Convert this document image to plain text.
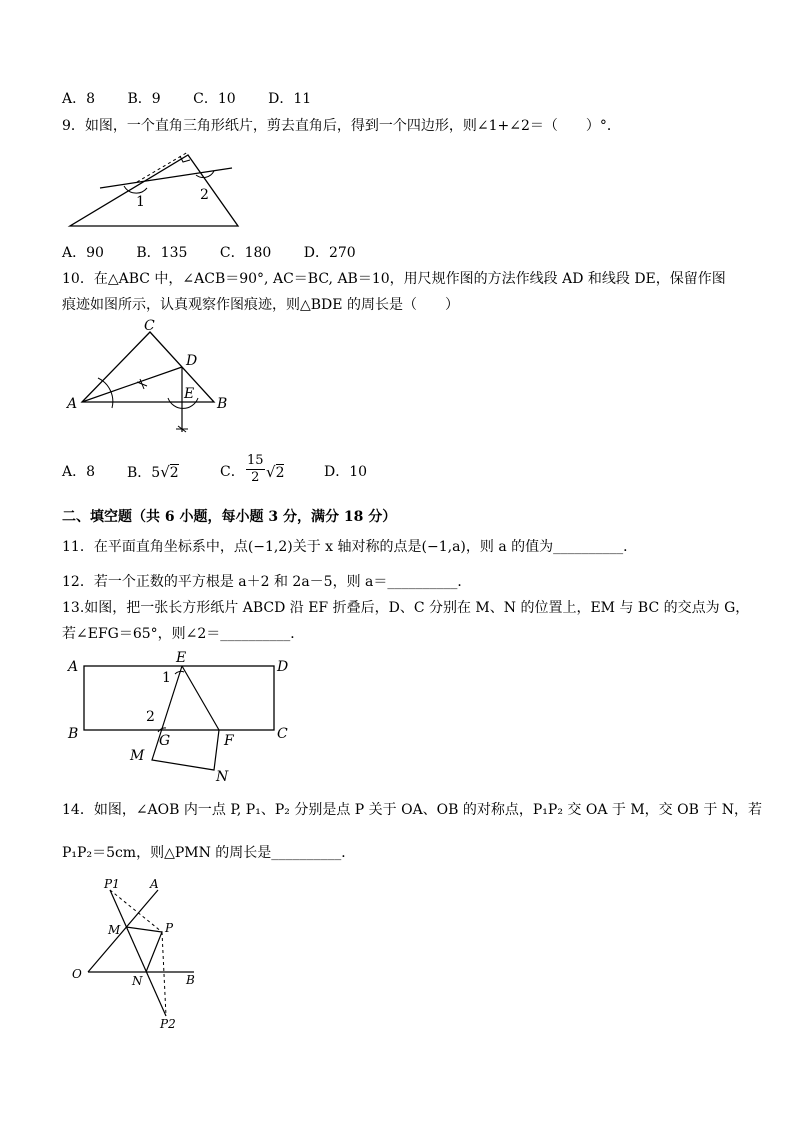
A．8 B．9 C．10 D．11
9．如图，一个直角三角形纸片，剪去直角后，得到一个四边形，则∠1+∠2＝（　　）°．
1	2
A．90 B．135 C．180 D．270
10．在△ABC 中，∠ACB＝90°, AC＝BC, AB＝10，用尺规作图的方法作线段 AD 和线段 DE，保留作图
痕迹如图所示，认真观察作图痕迹，则△BDE 的周长是（　　）
C
D
A
E
B
A．8 B．5√2	C． $\frac{15}{2} √2$	D．10
二、填空题（共 6 小题，每小题 3 分，满分 18 分）
11．在平面直角坐标系中，点(−1,2)关于 x 轴对称的点是(−1,a)，则 a 的值为__________．
12．若一个正数的平方根是 a＋2 和 2a－5，则 a＝__________．
13.如图，把一张长方形纸片 ABCD 沿 EF 折叠后，D、C 分别在 M、N 的位置上，EM 与 BC 的交点为 G，
若∠EFG＝65°，则∠2＝__________．
A
E
D
1
2
B	G	F	C
M
N
14．如图，∠AOB 内一点 P, P₁、P₂ 分别是点 P 关于 OA、OB 的对称点，P₁P₂ 交 OA 于 M，交 OB 于 N，若
P₁P₂＝5cm，则△PMN 的周长是__________．
P1	A
M	P
O	N	B
P2
